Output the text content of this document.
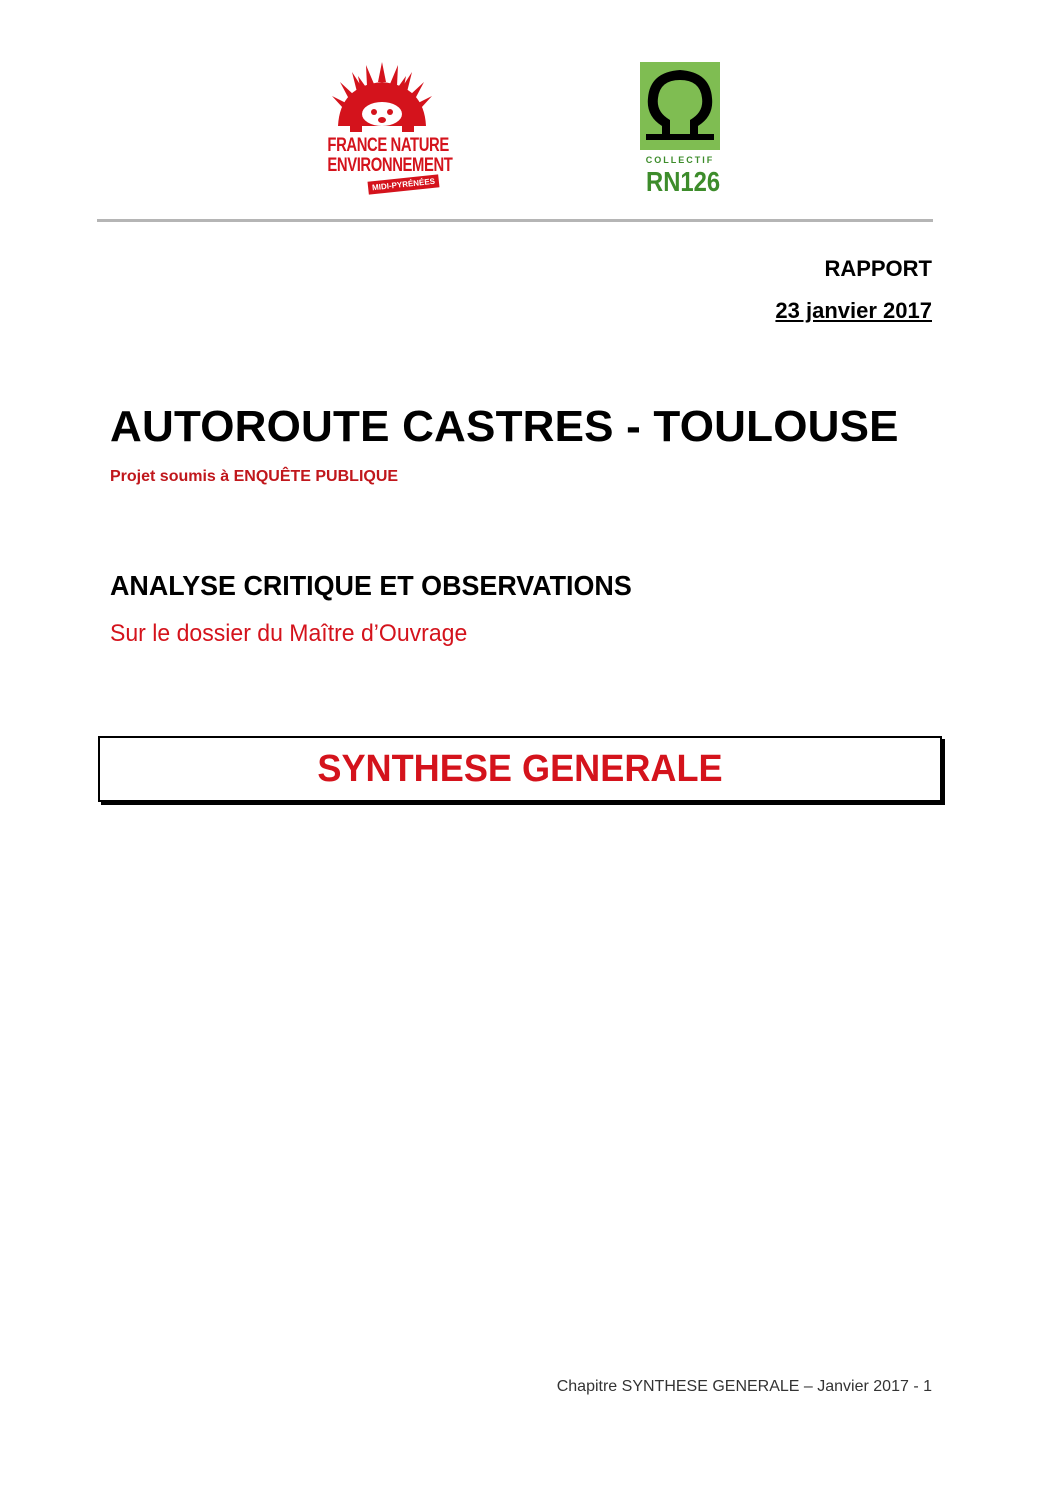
FRANCE NATURE
ENVIRONNEMENT
MIDI-PYRÉNÉES
COLLECTIF
RN126
RAPPORT
23 janvier 2017
AUTOROUTE CASTRES - TOULOUSE
Projet soumis à ENQUÊTE PUBLIQUE
ANALYSE CRITIQUE ET OBSERVATIONS
Sur le dossier du Maître d’Ouvrage
SYNTHESE GENERALE
Chapitre SYNTHESE GENERALE – Janvier 2017 - 1
